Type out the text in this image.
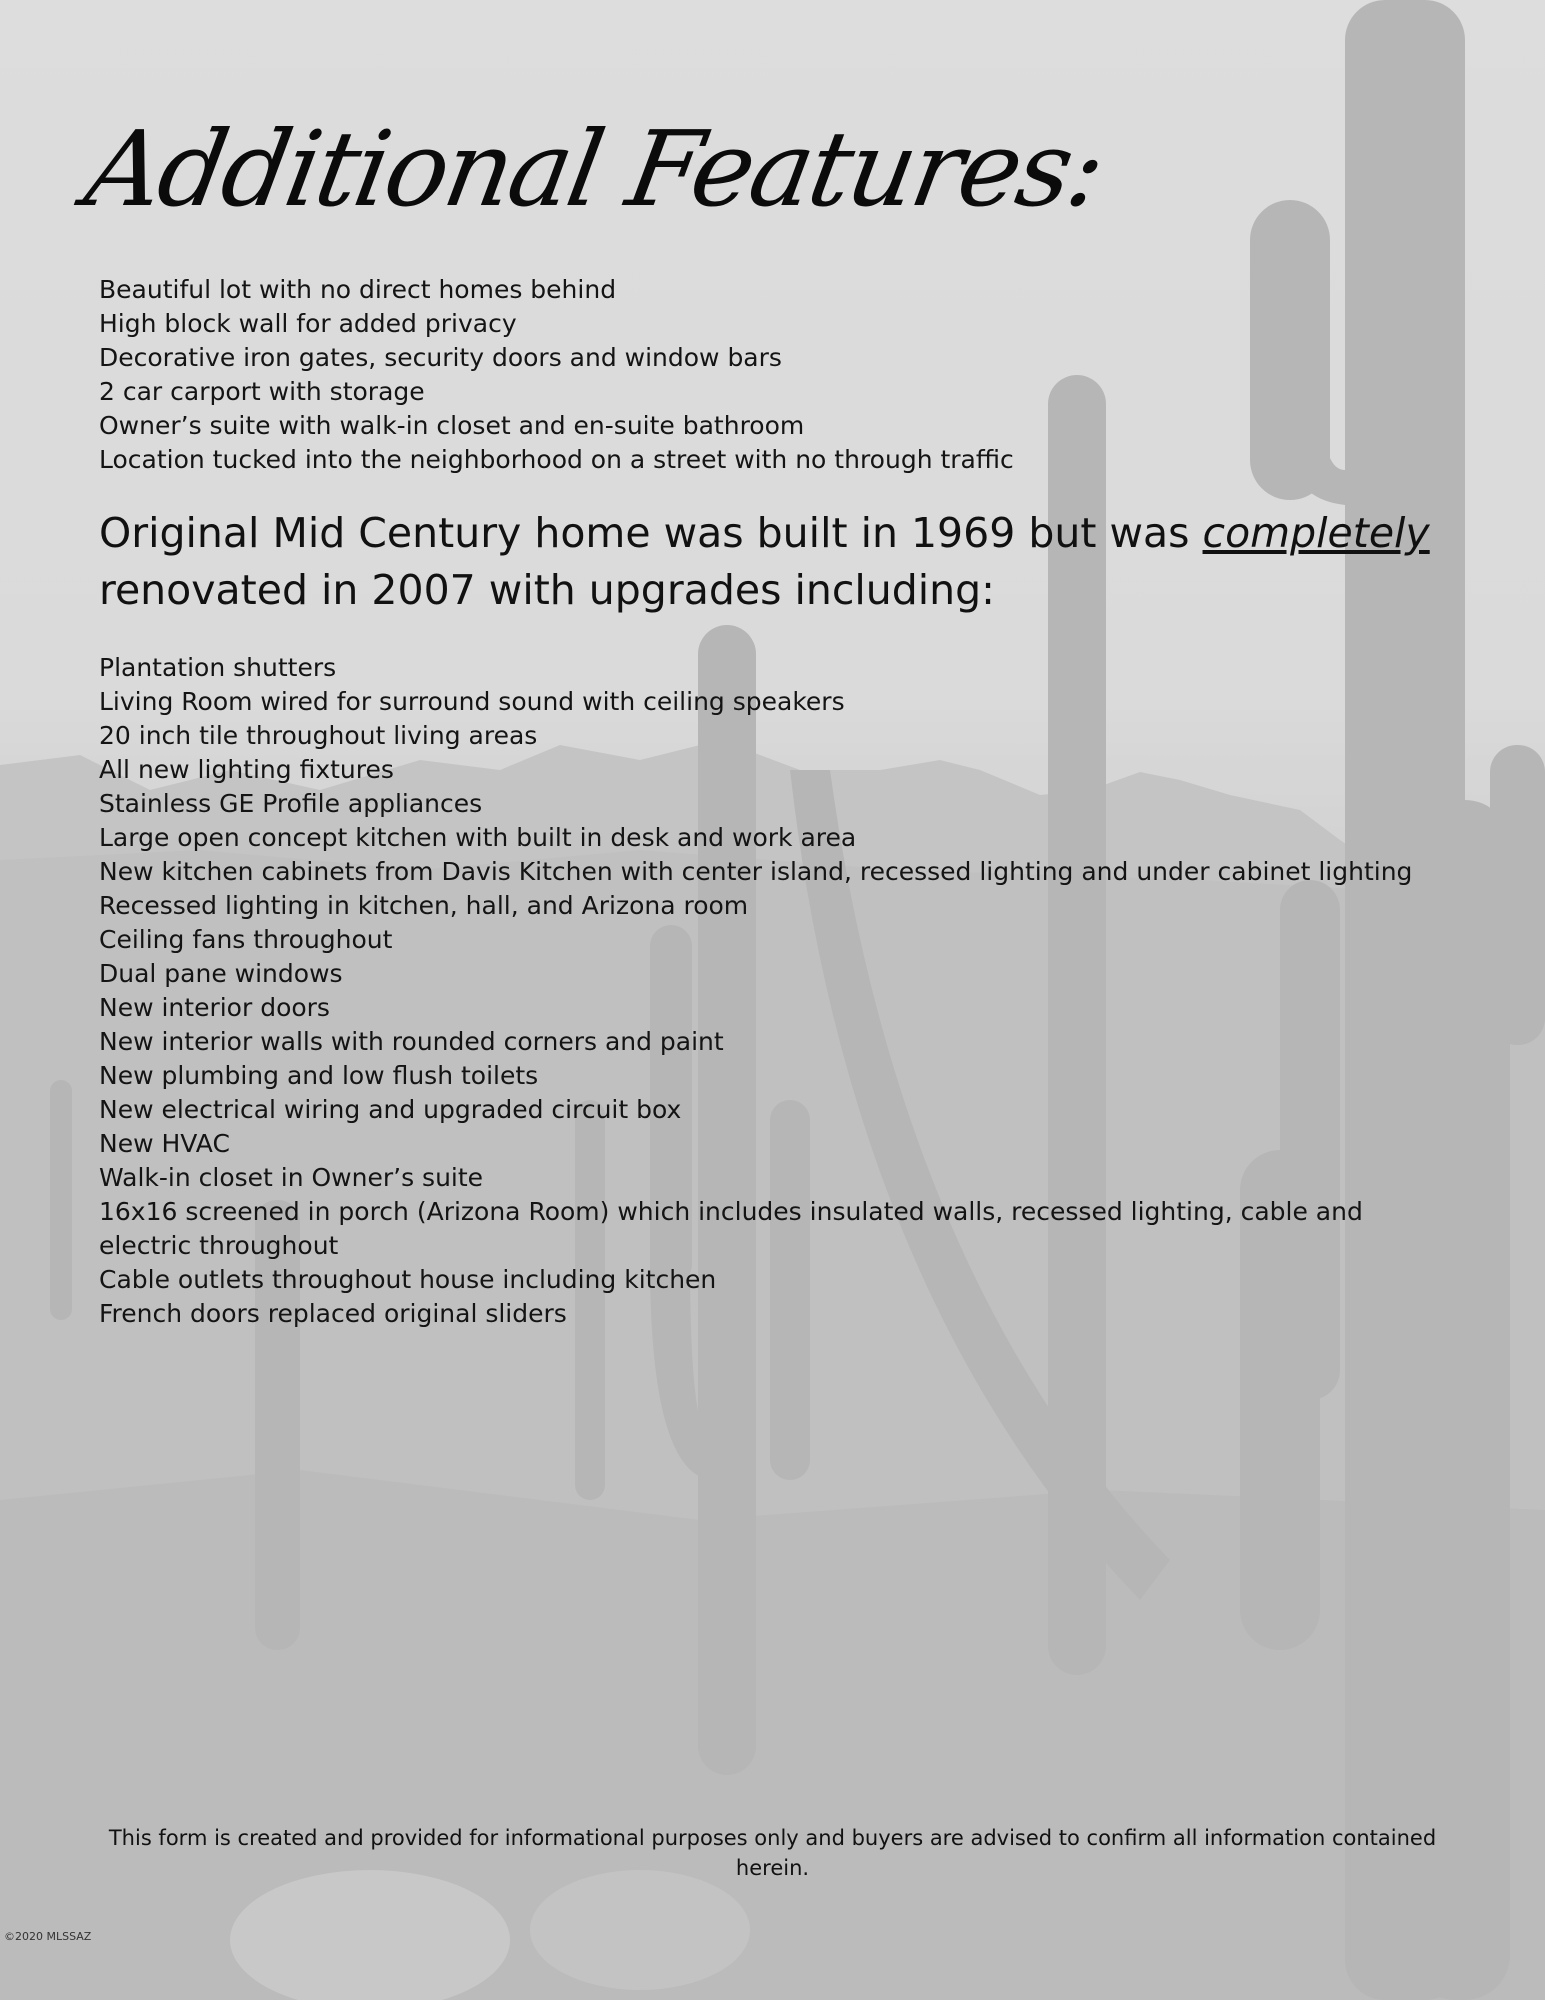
Additional Features:
Beautiful lot with no direct homes behind
High block wall for added privacy
Decorative iron gates, security doors and window bars
2 car carport with storage
Owner’s suite with walk-in closet and en-suite bathroom
Location tucked into the neighborhood on a street with no through traffic
Original Mid Century home was built in 1969 but was completely renovated in 2007 with upgrades including:
Plantation shutters
Living Room wired for surround sound with ceiling speakers
20 inch tile throughout living areas
All new lighting fixtures
Stainless GE Profile appliances
Large open concept kitchen with built in desk and work area
New kitchen cabinets from Davis Kitchen with center island, recessed lighting and under cabinet lighting
Recessed lighting in kitchen, hall, and Arizona room
Ceiling fans throughout
Dual pane windows
New interior doors
New interior walls with rounded corners and paint
New plumbing and low flush toilets
New electrical wiring and upgraded circuit box
New HVAC
Walk-in closet in Owner’s suite
16x16 screened in porch (Arizona Room) which includes insulated walls, recessed lighting, cable and electric throughout
Cable outlets throughout house including kitchen
French doors replaced original sliders
This form is created and provided for informational purposes only and buyers are advised to confirm all information contained herein.
©2020 MLSSAZ
